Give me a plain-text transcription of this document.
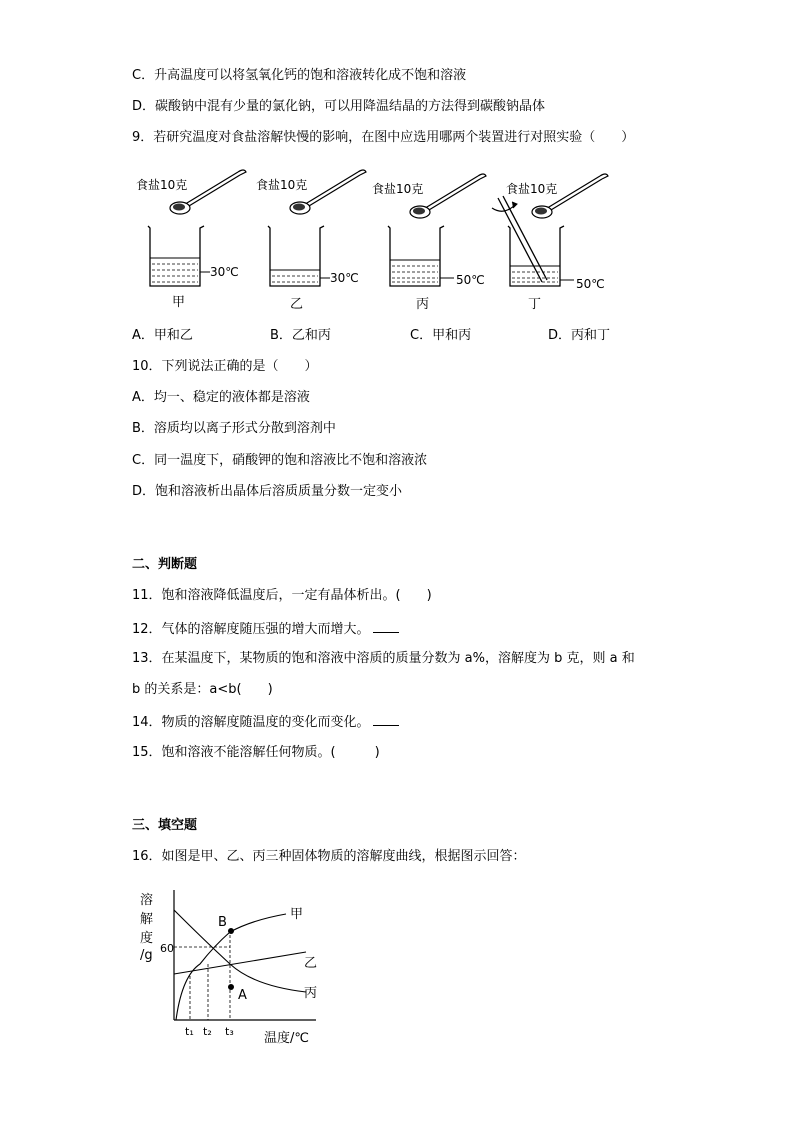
C．升高温度可以将氢氧化钙的饱和溶液转化成不饱和溶液
D．碳酸钠中混有少量的氯化钠，可以用降温结晶的方法得到碳酸钠晶体
9．若研究温度对食盐溶解快慢的影响，在图中应选用哪两个装置进行对照实验（　　）
食盐10克
30℃
甲
食盐10克
30℃
乙
食盐10克
50℃
丙
食盐10克
50℃
丁
A．甲和乙	B．乙和丙	C．甲和丙	D．丙和丁
10．下列说法正确的是（　　）
A．均一、稳定的液体都是溶液
B．溶质均以离子形式分散到溶剂中
C．同一温度下，硝酸钾的饱和溶液比不饱和溶液浓
D．饱和溶液析出晶体后溶质质量分数一定变小
二、判断题
11．饱和溶液降低温度后，一定有晶体析出。(　　)
12．气体的溶解度随压强的增大而增大。
13．在某温度下，某物质的饱和溶液中溶质的质量分数为 a%，溶解度为 b 克，则 a 和
b 的关系是：a<b(　　)
14．物质的溶解度随温度的变化而变化。
15．饱和溶液不能溶解任何物质。(　　　)
三、填空题
16．如图是甲、乙、丙三种固体物质的溶解度曲线，根据图示回答：
溶
解
度
/g 60
甲
乙
丙
B
A
t₁ t₂ t₃ 温度/℃
